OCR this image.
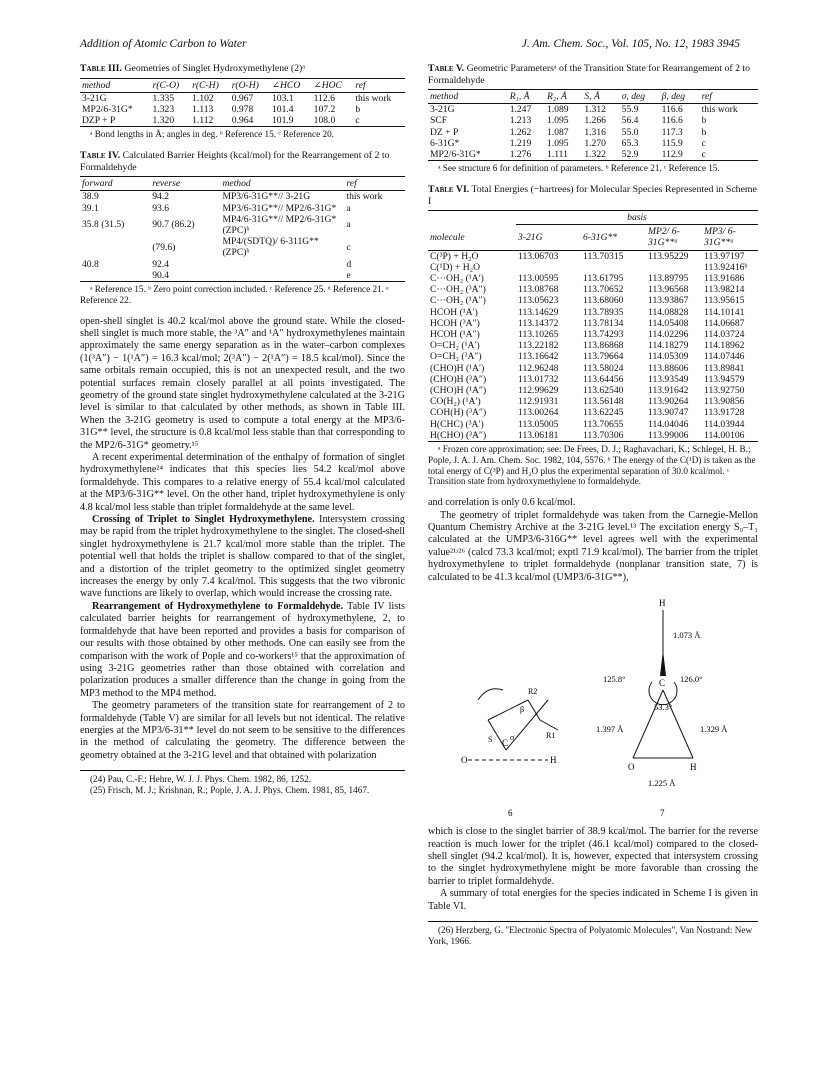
Addition of Atomic Carbon to Water	J. Am. Chem. Soc., Vol. 105, No. 12, 1983 3945
Table III. Geometries of Singlet Hydroxymethylene (2)ᵃ
method	r(C-O)	r(C-H)	r(O-H)	∠HCO	∠HOC	ref
3-21G	1.335	1.102	0.967	103.1	112.6	this work
MP2/6-31G*	1.323	1.113	0.978	101.4	107.2	b
DZP + P	1.320	1.112	0.964	101.9	108.0	c
ᵃ Bond lengths in Å; angles in deg. ᵇ Reference 15. ᶜ Reference 20.
Table IV. Calculated Barrier Heights (kcal/mol) for the Rearrangement of 2 to Formaldehyde
forward	reverse	method	ref
38.9	94.2	MP3/6-31G**// 3-21G	this work
39.1	93.6	MP3/6-31G**// MP2/6-31G*	a
35.8 (31.5)	90.7 (86.2)	MP4/6-31G**// MP2/6-31G*(ZPC)ᵇ	a
	(79.6)	MP4/(SDTQ)/ 6-311G**(ZPC)ᵇ	c
40.8	92.4		d
	90.4		e
ᵃ Reference 15. ᵇ Zero point correction included. ᶜ Reference 25. ᵈ Reference 21. ᵉ Reference 22.

open-shell singlet is 40.2 kcal/mol above the ground state. While the closed-shell singlet is much more stable, the ³A″ and ¹A″ hydroxymethylenes maintain approximately the same energy separation as in the water–carbon complexes (1(³A″) − 1(¹A″) = 16.3 kcal/mol; 2(³A″) − 2(¹A″) = 18.5 kcal/mol). Since the same orbitals remain occupied, this is not an unexpected result, and the two potential surfaces remain closely parallel at all points investigated. The geometry of the ground state singlet hydroxymethylene calculated at the 3-21G level is similar to that calculated by other methods, as shown in Table III. When the 3-21G geometry is used to compute a total energy at the MP3/6-31G** level, the structure is 0.8 kcal/mol less stable than that corresponding to the MP2/6-31G* geometry.¹⁵

A recent experimental determination of the enthalpy of formation of singlet hydroxymethylene²⁴ indicates that this species lies 54.2 kcal/mol above formaldehyde. This compares to a relative energy of 55.4 kcal/mol calculated at the MP3/6-31G** level. On the other hand, triplet hydroxymethylene is only 4.8 kcal/mol less stable than triplet formaldehyde at the same level.

Crossing of Triplet to Singlet Hydroxymethylene. Intersystem crossing may be rapid from the triplet hydroxymethylene to the singlet. The closed-shell singlet hydroxymethylene is 21.7 kcal/mol more stable than the triplet. The potential well that holds the triplet is shallow compared to that of the singlet, and a distortion of the triplet geometry to the optimized singlet geometry increases the energy by only 7.4 kcal/mol. This suggests that the two vibronic wave functions are likely to overlap, which would increase the crossing rate.

Rearrangement of Hydroxymethylene to Formaldehyde. Table IV lists calculated barrier heights for rearrangement of hydroxymethylene, 2, to formaldehyde that have been reported and provides a basis for comparison of our results with those obtained by other methods. One can easily see from the comparison with the work of Pople and co-workers¹⁵ that the approximation of using 3-21G geometries rather than those obtained with correlation and polarization produces a smaller difference than the change in going from the MP3 method to the MP4 method.

The geometry parameters of the transition state for rearrangement of 2 to formaldehyde (Table V) are similar for all levels but not identical. The relative energies at the MP3/6-31** level do not seem to be sensitive to the differences in the method of calculating the geometry. The difference between the geometry obtained at the 3-21G level and that obtained with polarization

(24) Pau, C.-F.; Hehre, W. J. J. Phys. Chem. 1982, 86, 1252.
(25) Frisch, M. J.; Krishnan, R.; Pople, J. A. J. Phys. Chem. 1981, 85, 1467.
Table V. Geometric Parametersᵃ of the Transition State for Rearrangement of 2 to Formaldehyde
method	R₁, Å	R₂, Å	S, Å	σ, deg	β, deg	ref
3-21G	1.247	1.089	1.312	55.9	116.6	this work
SCF	1.213	1.095	1.266	56.4	116.6	b
DZ + P	1.262	1.087	1.316	55.0	117.3	b
6-31G*	1.219	1.095	1.270	65.3	115.9	c
MP2/6-31G*	1.276	1.111	1.322	52.9	112.9	c
ᵃ See structure 6 for definition of parameters. ᵇ Reference 21. ᶜ Reference 15.
Table VI. Total Energies (−hartrees) for Molecular Species Represented in Scheme I
	basis			
molecule	3-21G	6-31G**	MP2/ 6-31G**ᵃ	MP3/ 6-31G**ᵃ
C(³P) + H₂O	113.06703	113.70315	113.95229	113.97197
C(¹D) + H₂O				113.92416ᵇ
C···OH₂ (¹A′)	113.00595	113.61795	113.89795	113.91686
C···OH₂ (³A″)	113.08768	113.70652	113.96568	113.98214
C···OH₂ (¹A″)	113.05623	113.68060	113.93867	113.95615
HCOH (¹A′)	113.14629	113.78935	114.08828	114.10141
HCOH (³A″)	113.14372	113.78134	114.05408	114.06687
HCOH (¹A″)	113.10265	113.74293	114.02296	114.03724
O=CH₂ (¹A′)	113.22182	113.86868	114.18279	114.18962
O=CH₂ (³A″)	113.16642	113.79664	114.05309	114.07446
(CHO)H (¹A′)	112.96248	113.58024	113.88606	113.89841
(CHO)H (³A″)	113.01732	113.64456	113.93549	113.94579
(CHO)H (¹A″)	112.99629	113.62540	113.91642	113.92750
CO(H₂) (¹A′)	112.91931	113.56148	113.90264	113.90856
COH(H) (³A″)	113.00264	113.62245	113.90747	113.91728
H(CHC) (³A′)	113.05005	113.70655	114.04046	114.03944
H(CHO) (³A″)	113.06181	113.70306	113.99006	114.00106
ᵃ Frozen core approximation; see: De Frees, D. J.; Raghavachari, K.; Schlegel, H. B.; Pople, J. A. J. Am. Chem. Soc. 1982, 104, 5576. ᵇ The energy of the C(¹D) is taken as the total energy of C(³P) and H₂O plus the experimental separation of 30.0 kcal/mol. ᶜ Transition state from hydroxymethylene to formaldehyde.

and correlation is only 0.6 kcal/mol.

The geometry of triplet formaldehyde was taken from the Carnegie-Mellon Quantum Chemistry Archive at the 3-21G level.¹³ The excitation energy S₀–T₁ calculated at the UMP3/6-316G** level agrees well with the experimental value²¹ʴ²⁶ (calcd 73.3 kcal/mol; exptl 71.9 kcal/mol). The barrier from the triplet hydroxymethylene to triplet formaldehyde (nonplanar transition state, 7) is calculated to be 41.3 kcal/mol (UMP3/6-31G**),

C
O	H
R2
R1
S σ
β
6
H
C
O	H
1.073 Å
125.8°	126.0°
53.3°
1.397 Å	1.329 Å
1.225 Å
7

which is close to the singlet barrier of 38.9 kcal/mol. The barrier for the reverse reaction is much lower for the triplet (46.1 kcal/mol) compared to the closed-shell singlet (94.2 kcal/mol). It is, however, expected that intersystem crossing to the singlet hydroxymethylene might be more favorable than crossing the barrier to triplet formaldehyde.

A summary of total energies for the species indicated in Scheme I is given in Table VI.

(26) Herzberg, G. "Electronic Spectra of Polyatomic Molecules", Van Nostrand: New York, 1966.
